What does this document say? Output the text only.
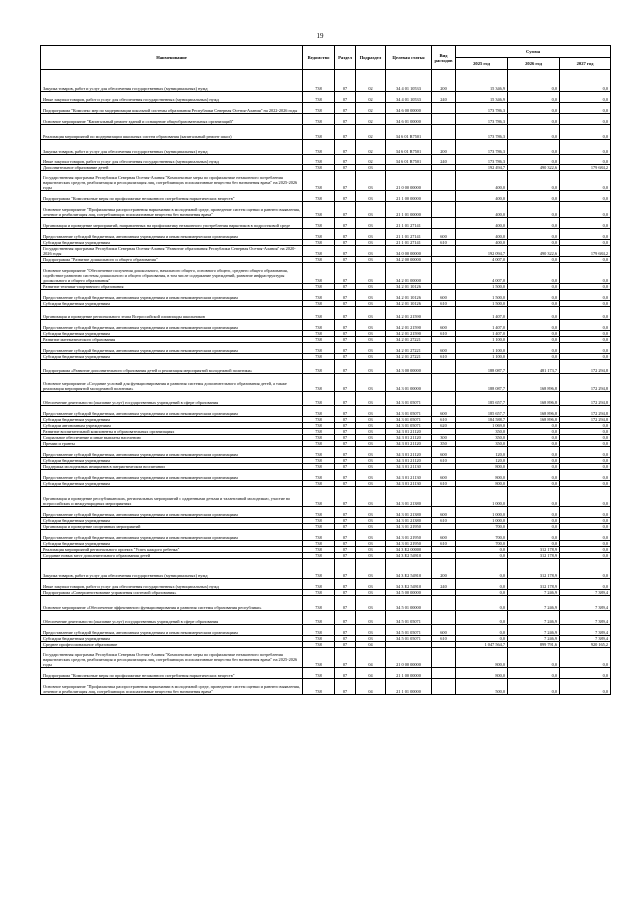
19
Наименование	Ведомство	Раздел	Подраздел	Целевая статья	Вид расходов	Сумма		
						2025 год	2026 год	2027 год
Закупка товаров, работ и услуг для обеспечения государственных (муниципальных) нужд	738	07	02	34 4 01 10533	200	15 346,9	0,0	0,0
Иные закупки товаров, работ и услуг для обеспечения государственных (муниципальных) нужд	738	07	02	34 4 01 10533	240	15 346,9	0,0	0,0
Подпрограмма "Комплекс мер по модернизации школьной системы образования Республики Северная Осетия-Алания" на 2022-2026 годы	738	07	02	34 6 00 00000		173 786,3	0,0	0,0
Основное мероприятие "Капитальный ремонт зданий и оснащение общеобразовательных организаций"	738	07	02	34 6 01 00000		173 786,3	0,0	0,0
Реализация мероприятий по модернизации школьных систем образования (капитальный ремонт школ)	738	07	02	34 6 01 R7501		173 786,3	0,0	0,0
Закупка товаров, работ и услуг для обеспечения государственных (муниципальных) нужд	738	07	02	34 6 01 R7501	200	173 786,3	0,0	0,0
Иные закупки товаров, работ и услуг для обеспечения государственных (муниципальных) нужд	738	07	02	34 6 01 R7501	240	173 786,3	0,0	0,0
Дополнительное образование детей	738	07	03			192 494,7	490 322,6	179 684,2
Государственная программа Республики Северная Осетия-Алания "Комплексные меры по профилактике незаконного потребления наркотических средств, реабилитация и ресоциализация лиц, потребляющих психоактивные вещества без назначения врача" на 2025-2026 годы	738	07	03	21 0 00 00000		400,0	0,0	0,0
Подпрограмма "Комплексные меры по профилактике незаконного потребления наркотических веществ"	738	07	03	21 1 00 00000		400,0	0,0	0,0
Основное мероприятие "Профилактика распространения наркомании в молодежной среде, проведение систем оценки и раннего выявления, лечение и реабилитация лиц, потребляющих психоактивные вещества без назначения врача"	738	07	03	21 1 01 00000		400,0	0,0	0,0
Организация и проведение мероприятий, направленных на профилактику незаконного употребления наркотиков в подростковой среде	738	07	03	21 1 01 27141		400,0	0,0	0,0
Предоставление субсидий бюджетным, автономным учреждениям и иным некоммерческим организациям	738	07	03	21 1 01 27141	600	400,0	0,0	0,0
Субсидии бюджетным учреждениям	738	07	03	21 1 01 27141	610	400,0	0,0	0,0
Государственная программа Республики Северная Осетия-Алания "Развитие образования Республики Северная Осетия-Алания" на 2020-2026 годы	738	07	03	34 0 00 00000		192 094,7	490 322,6	179 684,2
Подпрограмма "Развитие дошкольного и общего образования"	738	07	03	34 2 00 00000		4 007,0	0,0	0,0
Основное мероприятие "Обеспечение получения дошкольного, начального общего, основного общего, среднего общего образования, содействие развитию системы дошкольного и общего образования, в том числе содержание учреждений, развитие инфраструктуры дошкольного и общего образования"	738	07	03	34 2 01 00000		4 007,0	0,0	0,0
Развитие техники-спортивного образования	738	07	03	34 2 01 10126		1 500,0	0,0	0,0
Предоставление субсидий бюджетным, автономным учреждениям и иным некоммерческим организациям	738	07	03	34 2 01 10126	600	1 500,0	0,0	0,0
Субсидии бюджетным учреждениям	738	07	03	34 2 01 10126	610	1 500,0	0,0	0,0
Организация и проведение регионального этапа Всероссийской олимпиады школьников	738	07	03	34 2 01 21590		1 407,0	0,0	0,0
Предоставление субсидий бюджетным, автономным учреждениям и иным некоммерческим организациям	738	07	03	34 2 01 21590	600	1 407,0	0,0	0,0
Субсидии бюджетным учреждениям	738	07	03	34 2 01 21590	610	1 407,0	0,0	0,0
Развитие математического образования	738	07	03	34 2 01 27221		1 100,0	0,0	0,0
Предоставление субсидий бюджетным, автономным учреждениям и иным некоммерческим организациям	738	07	03	34 2 01 27221	600	1 100,0	0,0	0,0
Субсидии бюджетным учреждениям	738	07	03	34 2 01 27221	610	1 100,0	0,0	0,0
Подпрограмма «Развитие дополнительного образования детей и реализация мероприятий молодежной политики»	738	07	03	34 3 00 00000		188 087,7	481 173,7	172 294,8
Основное мероприятие «Создание условий для функционирования и развития системы дополнительного образования детей, а также реализация мероприятий молодежной политики»	738	07	03	34 3 01 00000		188 087,7	168 896,8	172 294,8
Обеспечение деятельности (оказание услуг) государственных учреждений в сфере образования	738	07	03	34 3 01 05071		185 657,7	168 896,8	172 294,8
Предоставление субсидий бюджетным, автономным учреждениям и иным некоммерческим организациям	738	07	03	34 3 01 05071	600	185 657,7	168 896,8	172 294,8
Субсидии бюджетным учреждениям	738	07	03	34 3 01 05071	610	184 588,7	168 896,8	172 294,8
Субсидии автономным учреждениям	738	07	03	34 3 01 05071	620	1 069,0	0,0	0,0
Развитие воспитательной компоненты в образовательных организациях	738	07	03	34 3 01 21120		350,0	0,0	0,0
Социальное обеспечение и иные выплаты населению	738	07	03	34 3 01 21120	300	350,0	0,0	0,0
Премии и гранты	738	07	03	34 3 01 21120	350	350,0	0,0	0,0
Предоставление субсидий бюджетным, автономным учреждениям и иным некоммерческим организациям	738	07	03	34 3 01 21120	600	120,0	0,0	0,0
Субсидии бюджетным учреждениям	738	07	03	34 3 01 21120	610	120,0	0,0	0,0
Поддержка молодежных инициатив в патриотическом воспитании	738	07	03	34 3 01 21130		800,0	0,0	0,0
Предоставление субсидий бюджетным, автономным учреждениям и иным некоммерческим организациям	738	07	03	34 3 01 21130	600	800,0	0,0	0,0
Субсидии бюджетным учреждениям	738	07	03	34 3 01 21130	610	800,0	0,0	0,0
Организация и проведение республиканских, региональных мероприятий с одаренными детьми и талантливой молодежью, участие во всероссийских и международных мероприятиях	738	07	03	34 3 01 21380		1 000,0	0,0	0,0
Предоставление субсидий бюджетным, автономным учреждениям и иным некоммерческим организациям	738	07	03	34 3 01 21380	600	1 000,0	0,0	0,0
Субсидии бюджетным учреждениям	738	07	03	34 3 01 21380	610	1 000,0	0,0	0,0
Организация и проведение спортивных мероприятий	738	07	03	34 3 01 21950		700,0	0,0	0,0
Предоставление субсидий бюджетным, автономным учреждениям и иным некоммерческим организациям	738	07	03	34 3 01 21950	600	700,0	0,0	0,0
Субсидии бюджетным учреждениям	738	07	03	34 3 01 21950	610	700,0	0,0	0,0
Реализация мероприятий регионального проекта "Успех каждого ребенка"	738	07	03	34 3 E2 00000		0,0	312 178,9	0,0
Создание новых мест дополнительного образования детей	738	07	03	34 3 E2 54910		0,0	312 178,9	0,0
Закупка товаров, работ и услуг для обеспечения государственных (муниципальных) нужд	738	07	03	34 3 E2 54910	200	0,0	312 178,9	0,0
Иные закупки товаров, работ и услуг для обеспечения государственных (муниципальных) нужд	738	07	03	34 3 E2 54910	240	0,0	312 178,9	0,0
Подпрограмма «Совершенствование управления системой образования»	738	07	03	34 5 00 00000		0,0	7 246,9	7 389,4
Основное мероприятие «Обеспечение эффективного функционирования и развития системы образования республики»	738	07	03	34 5 01 00000		0,0	7 246,9	7 389,4
Обеспечение деятельности (оказание услуг) государственных учреждений в сфере образования	738	07	03	34 5 01 05071		0,0	7 246,9	7 389,4
Предоставление субсидий бюджетным, автономным учреждениям и иным некоммерческим организациям	738	07	03	34 5 01 05071	600	0,0	7 246,9	7 389,4
Субсидии бюджетным учреждениям	738	07	03	34 5 01 05071	610	0,0	7 246,9	7 389,4
Среднее профессиональное образование	738	07	04			1 047 564,7	899 791,6	920 165,2
Государственная программа Республики Северная Осетия-Алания "Комплексные меры по профилактике незаконного потребления наркотических средств, реабилитация и ресоциализация лиц, потребляющих психоактивные вещества без назначения врача" на 2025-2026 годы	738	07	04	21 0 00 00000		800,0	0,0	0,0
Подпрограмма "Комплексные меры по профилактике незаконного потребления наркотических веществ"	738	07	04	21 1 00 00000		800,0	0,0	0,0
Основное мероприятие "Профилактика распространения наркомании в молодежной среде, проведение систем оценки и раннего выявления, лечение и реабилитация лиц, потребляющих психоактивные вещества без назначения врача"	738	07	04	21 1 01 00000		500,0	0,0	0,0
